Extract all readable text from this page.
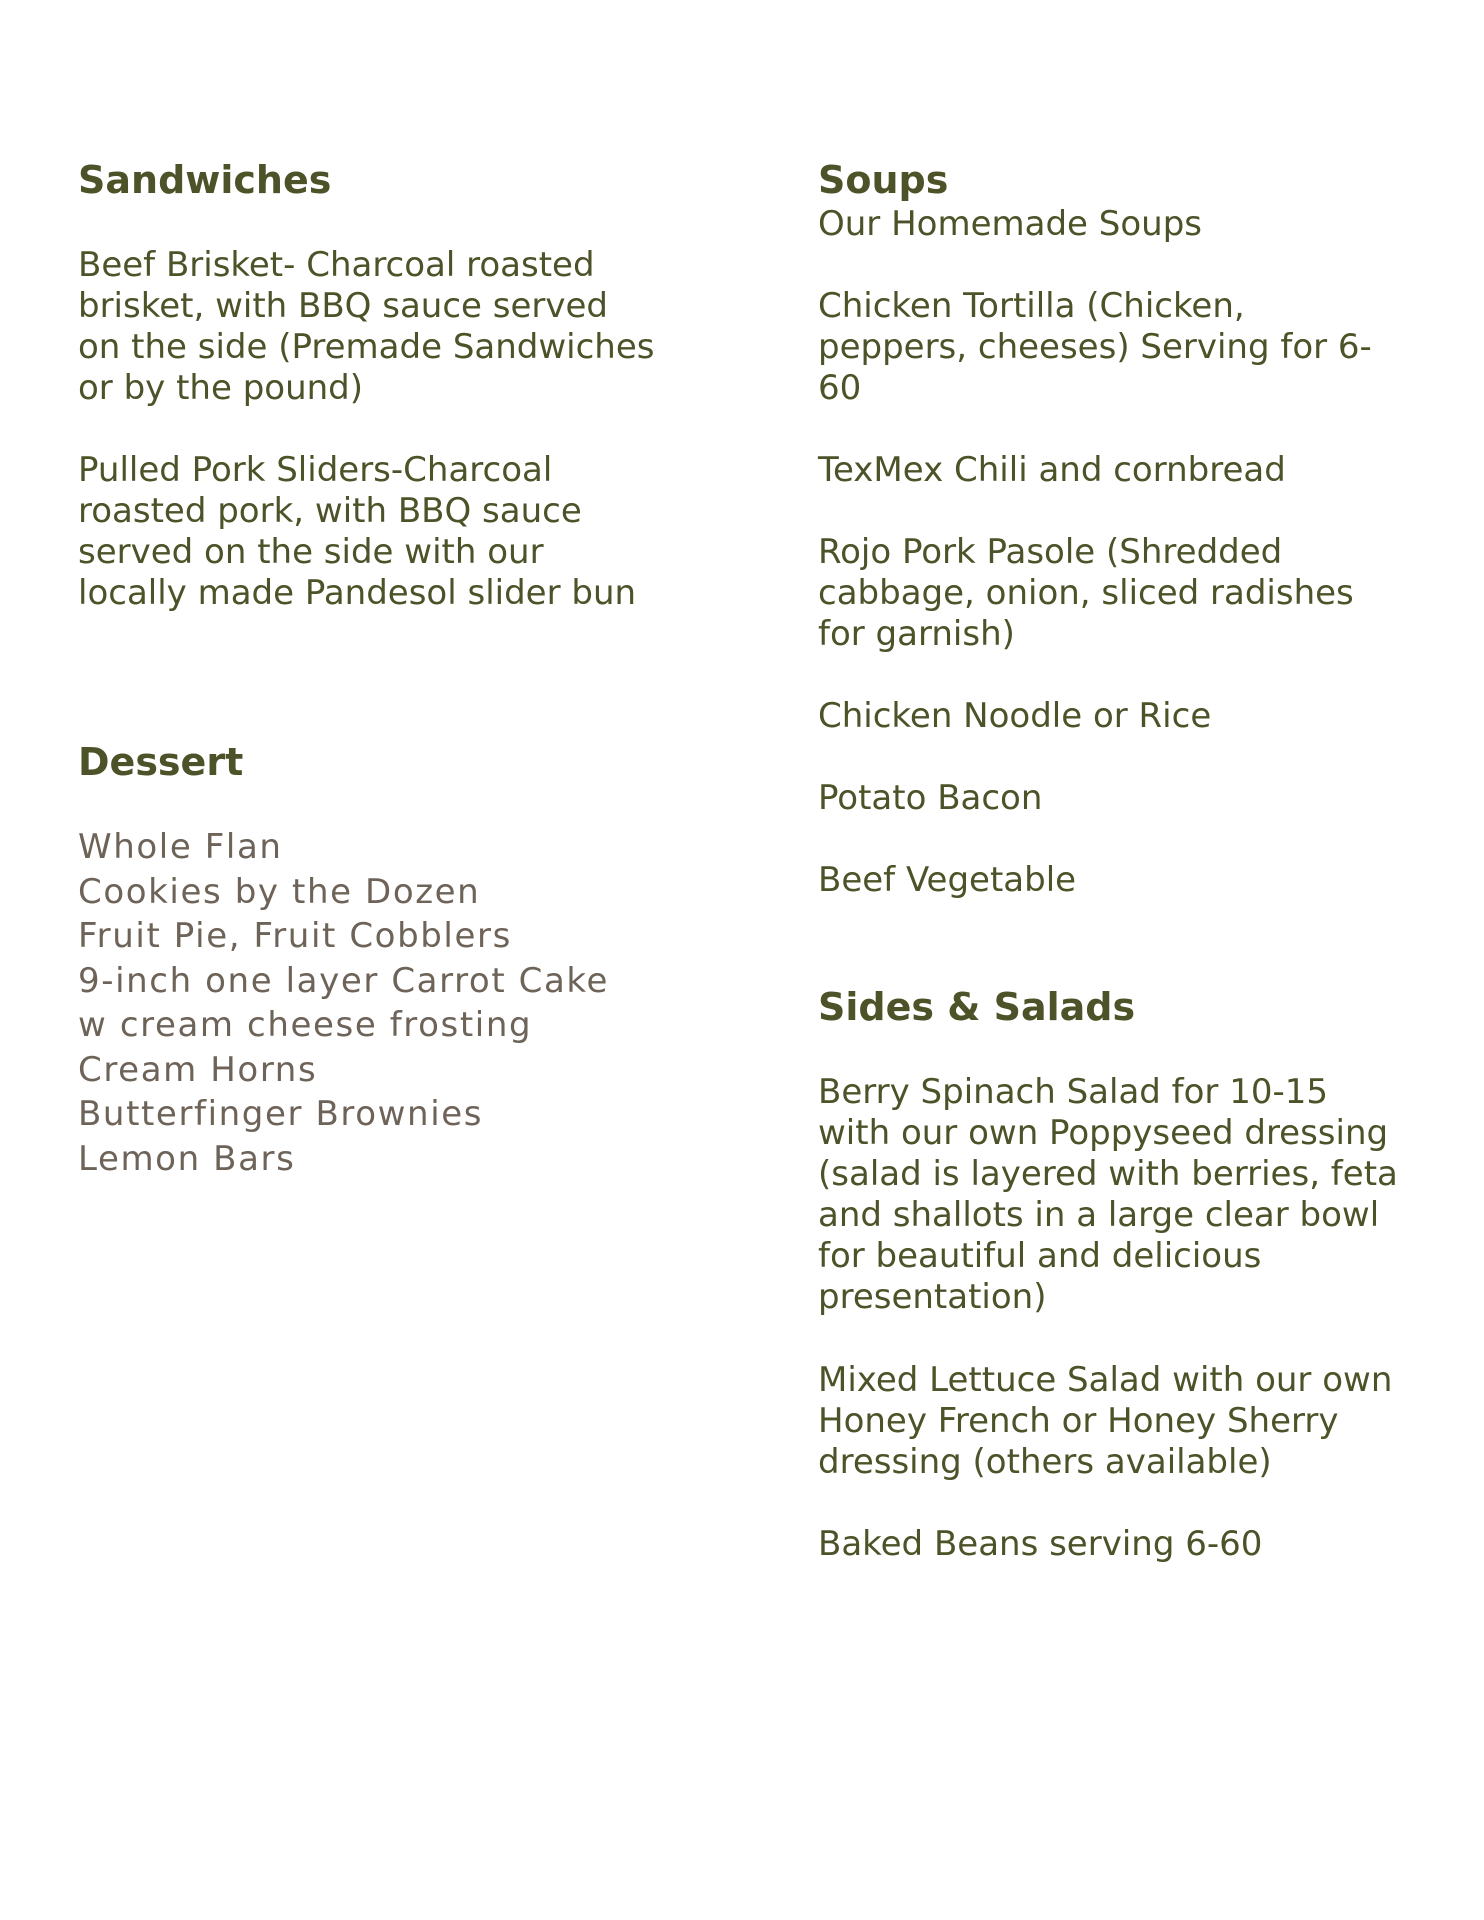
Sandwiches

Beef Brisket- Charcoal roasted
brisket, with BBQ sauce served
on the side (Premade Sandwiches
or by the pound)

Pulled Pork Sliders-Charcoal
roasted pork, with BBQ sauce
served on the side with our
locally made Pandesol slider bun

Dessert
Whole Flan
Cookies by the Dozen
Fruit Pie, Fruit Cobblers
9-inch one layer Carrot Cake
w cream cheese frosting
Cream Horns
Butterfinger Brownies
Lemon Bars
Soups

Our Homemade Soups

Chicken Tortilla (Chicken,
peppers, cheeses) Serving for 6-
60

TexMex Chili and cornbread

Rojo Pork Pasole (Shredded
cabbage, onion, sliced radishes
for garnish)

Chicken Noodle or Rice

Potato Bacon

Beef Vegetable

Sides & Salads

Berry Spinach Salad for 10-15
with our own Poppyseed dressing
(salad is layered with berries, feta
and shallots in a large clear bowl
for beautiful and delicious
presentation)

Mixed Lettuce Salad with our own
Honey French or Honey Sherry
dressing (others available)

Baked Beans serving 6-60
